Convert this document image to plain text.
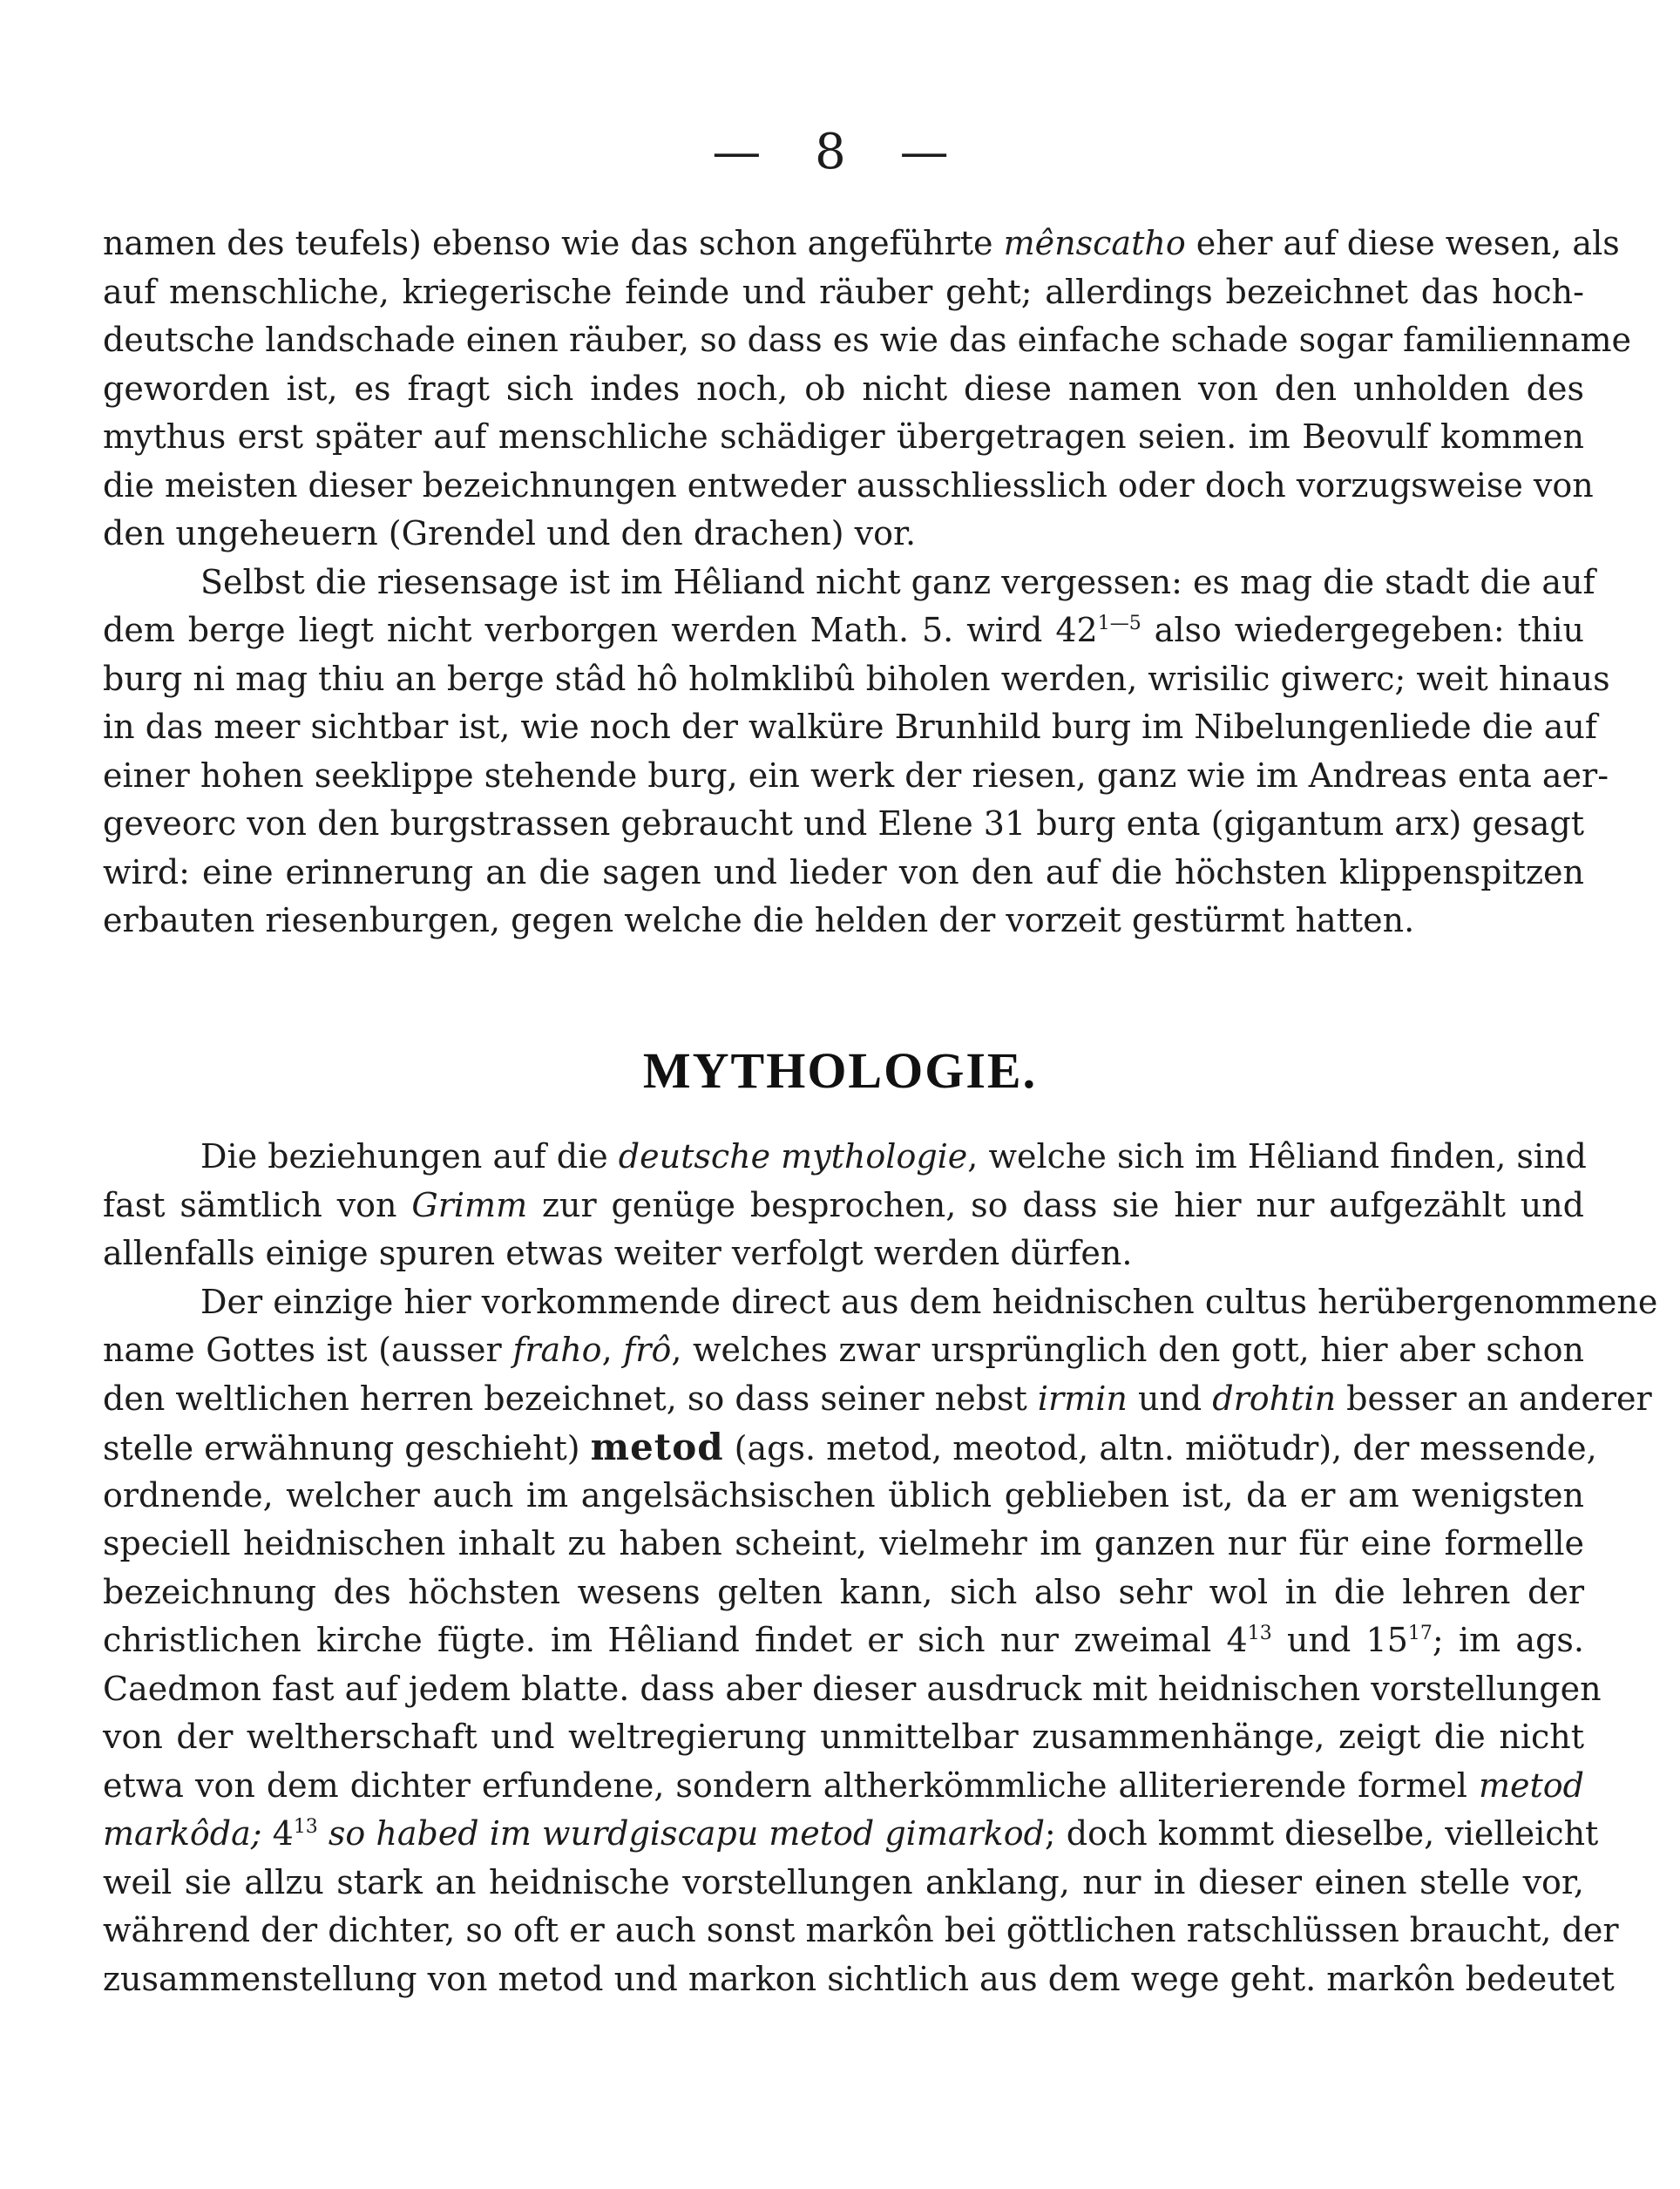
— 8 —
namen des teufels) ebenso wie das schon angeführte mênscatho eher auf diese wesen, als
auf menschliche, kriegerische feinde und räuber geht; allerdings bezeichnet das hoch-
deutsche landschade einen räuber, so dass es wie das einfache schade sogar familienname
geworden ist, es fragt sich indes noch, ob nicht diese namen von den unholden des
mythus erst später auf menschliche schädiger übergetragen seien. im Beovulf kommen
die meisten dieser bezeichnungen entweder ausschliesslich oder doch vorzugsweise von
den ungeheuern (Grendel und den drachen) vor.
Selbst die riesensage ist im Hêliand nicht ganz vergessen: es mag die stadt die auf
dem berge liegt nicht verborgen werden Math. 5. wird $42^{1—5}$ also wiedergegeben: thiu
burg ni mag thiu an berge stâd hô holmklibû biholen werden, wrisilic giwerc; weit hinaus
in das meer sichtbar ist, wie noch der walküre Brunhild burg im Nibelungenliede die auf
einer hohen seeklippe stehende burg, ein werk der riesen, ganz wie im Andreas enta aer-
geveorc von den burgstrassen gebraucht und Elene 31 burg enta (gigantum arx) gesagt
wird: eine erinnerung an die sagen und lieder von den auf die höchsten klippenspitzen
erbauten riesenburgen, gegen welche die helden der vorzeit gestürmt hatten.
MYTHOLOGIE.
Die beziehungen auf die deutsche mythologie, welche sich im Hêliand finden, sind
fast sämtlich von Grimm zur genüge besprochen, so dass sie hier nur aufgezählt und
allenfalls einige spuren etwas weiter verfolgt werden dürfen.
Der einzige hier vorkommende direct aus dem heidnischen cultus herübergenommene
name Gottes ist (ausser fraho, frô, welches zwar ursprünglich den gott, hier aber schon
den weltlichen herren bezeichnet, so dass seiner nebst irmin und drohtin besser an anderer
stelle erwähnung geschieht) metod (ags. metod, meotod, altn. miötudr), der messende,
ordnende, welcher auch im angelsächsischen üblich geblieben ist, da er am wenigsten
speciell heidnischen inhalt zu haben scheint, vielmehr im ganzen nur für eine formelle
bezeichnung des höchsten wesens gelten kann, sich also sehr wol in die lehren der
christlichen kirche fügte. im Hêliand findet er sich nur zweimal $4^{13}$ und $15^{17}$; im ags.
Caedmon fast auf jedem blatte. dass aber dieser ausdruck mit heidnischen vorstellungen
von der weltherschaft und weltregierung unmittelbar zusammenhänge, zeigt die nicht
etwa von dem dichter erfundene, sondern altherkömmliche alliterierende formel metod
markôda; $4^{13}$ so habed im wurdgiscapu metod gimarkod; doch kommt dieselbe, vielleicht
weil sie allzu stark an heidnische vorstellungen anklang, nur in dieser einen stelle vor,
während der dichter, so oft er auch sonst markôn bei göttlichen ratschlüssen braucht, der
zusammenstellung von metod und markon sichtlich aus dem wege geht. markôn bedeutet
